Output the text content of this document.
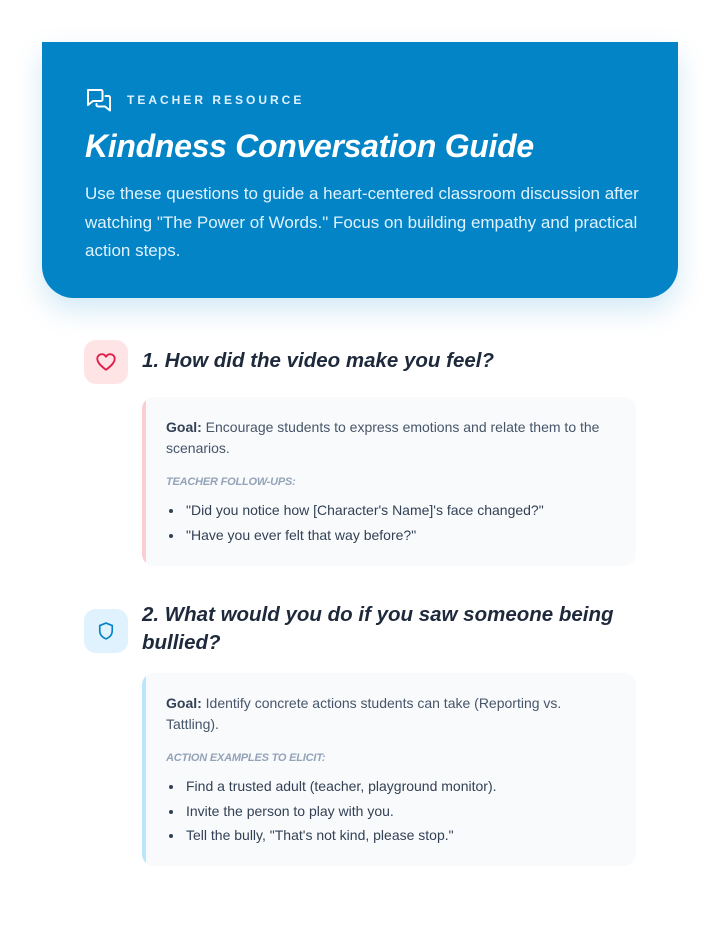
TEACHER RESOURCE
Kindness Conversation Guide

Use these questions to guide a heart-centered classroom discussion after watching "The Power of Words." Focus on building empathy and practical action steps.

1. How did the video make you feel?

Goal: Encourage students to express emotions and relate them to the scenarios.

TEACHER FOLLOW-UPS:

"Did you notice how [Character's Name]'s face changed?"
"Have you ever felt that way before?"
2. What would you do if you saw someone being bullied?

Goal: Identify concrete actions students can take (Reporting vs. Tattling).

ACTION EXAMPLES TO ELICIT:

Find a trusted adult (teacher, playground monitor).
Invite the person to play with you.
Tell the bully, "That's not kind, please stop."
